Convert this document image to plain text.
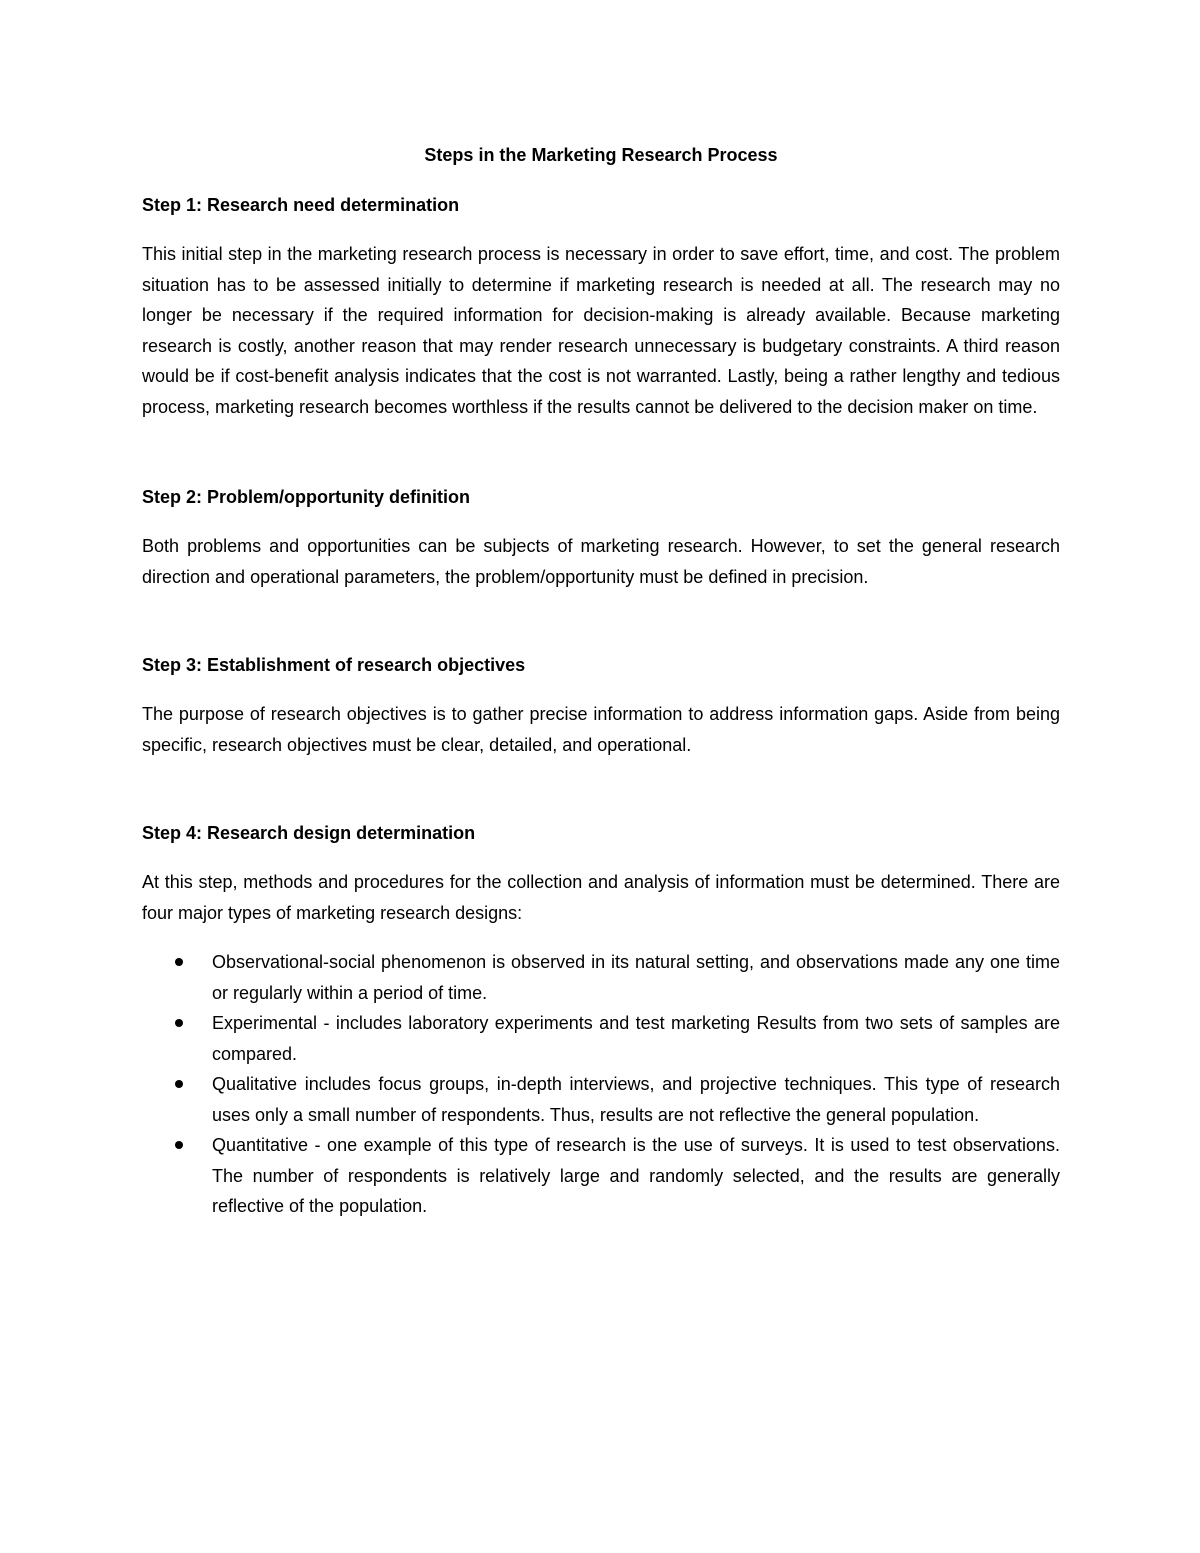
Steps in the Marketing Research Process
Step 1: Research need determination

This initial step in the marketing research process is necessary in order to save effort, time, and cost. The problem situation has to be assessed initially to determine if marketing research is needed at all. The research may no longer be necessary if the required information for decision-making is already available. Because marketing research is costly, another reason that may render research unnecessary is budgetary constraints. A third reason would be if cost-benefit analysis indicates that the cost is not warranted. Lastly, being a rather lengthy and tedious process, marketing research becomes worthless if the results cannot be delivered to the decision maker on time.

Step 2: Problem/opportunity definition

Both problems and opportunities can be subjects of marketing research. However, to set the general research direction and operational parameters, the problem/opportunity must be defined in precision.

Step 3: Establishment of research objectives

The purpose of research objectives is to gather precise information to address information gaps. Aside from being specific, research objectives must be clear, detailed, and operational.

Step 4: Research design determination

At this step, methods and procedures for the collection and analysis of information must be determined. There are four major types of marketing research designs:

Observational-social phenomenon is observed in its natural setting, and observations made any one time or regularly within a period of time.
Experimental - includes laboratory experiments and test marketing Results from two sets of samples are compared.
Qualitative includes focus groups, in-depth interviews, and projective techniques. This type of research uses only a small number of respondents. Thus, results are not reflective the general population.
Quantitative - one example of this type of research is the use of surveys. It is used to test observations. The number of respondents is relatively large and randomly selected, and the results are generally reflective of the population.
